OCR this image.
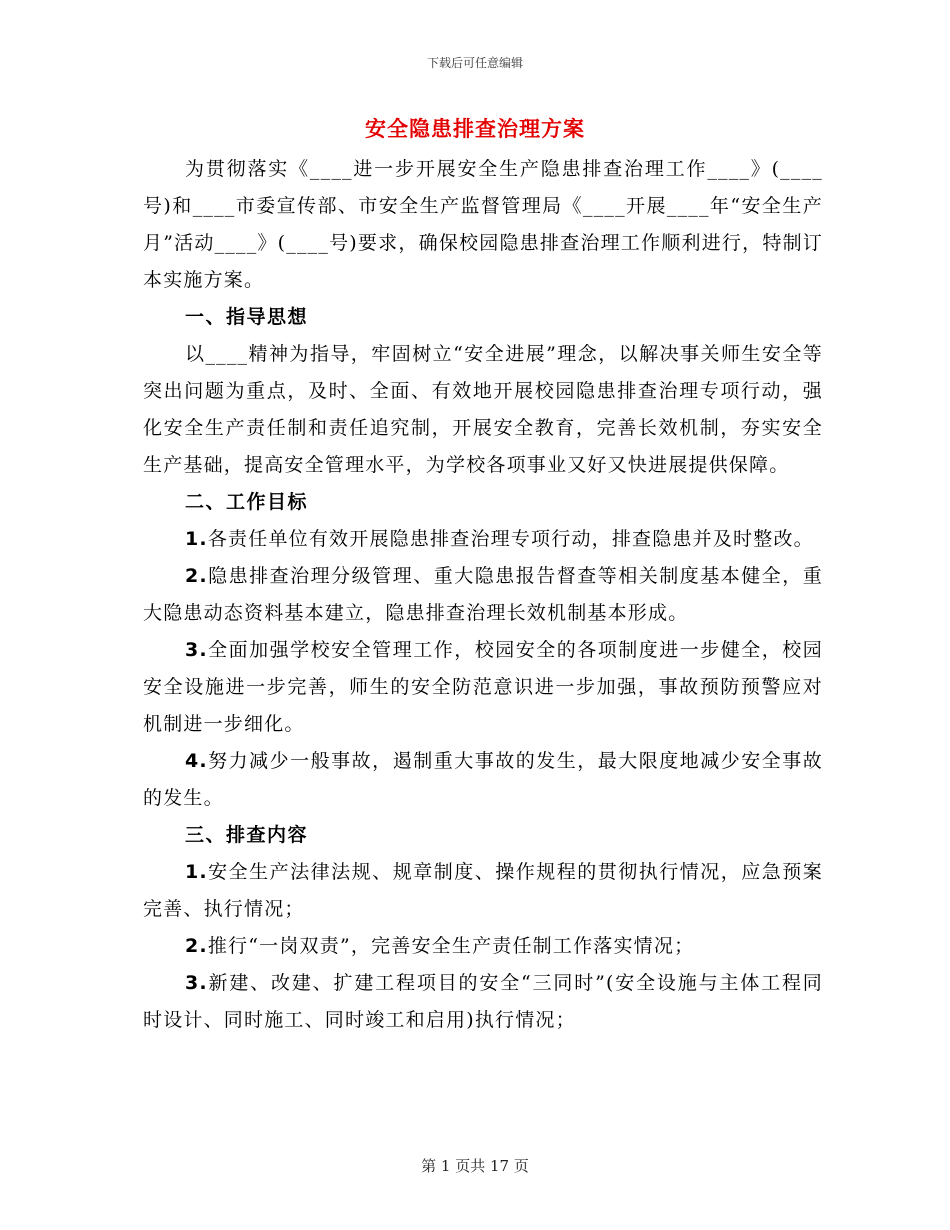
下载后可任意编辑
安全隐患排查治理方案

为贯彻落实《____进一步开展安全生产隐患排查治理工作____》(____号)和____市委宣传部、市安全生产监督管理局《____开展____年“安全生产月”活动____》(____号)要求，确保校园隐患排查治理工作顺利进行，特制订本实施方案。

一、指导思想

以____精神为指导，牢固树立“安全进展”理念，以解决事关师生安全等突出问题为重点，及时、全面、有效地开展校园隐患排查治理专项行动，强化安全生产责任制和责任追究制，开展安全教育，完善长效机制，夯实安全生产基础，提高安全管理水平，为学校各项事业又好又快进展提供保障。

二、工作目标

1.各责任单位有效开展隐患排查治理专项行动，排查隐患并及时整改。

2.隐患排查治理分级管理、重大隐患报告督查等相关制度基本健全，重大隐患动态资料基本建立，隐患排查治理长效机制基本形成。

3.全面加强学校安全管理工作，校园安全的各项制度进一步健全，校园安全设施进一步完善，师生的安全防范意识进一步加强，事故预防预警应对机制进一步细化。

4.努力减少一般事故，遏制重大事故的发生，最大限度地减少安全事故的发生。

三、排查内容

1.安全生产法律法规、规章制度、操作规程的贯彻执行情况，应急预案完善、执行情况；

2.推行“一岗双责”，完善安全生产责任制工作落实情况；

3.新建、改建、扩建工程项目的安全“三同时”(安全设施与主体工程同时设计、同时施工、同时竣工和启用)执行情况；

第 1 页共 17 页
